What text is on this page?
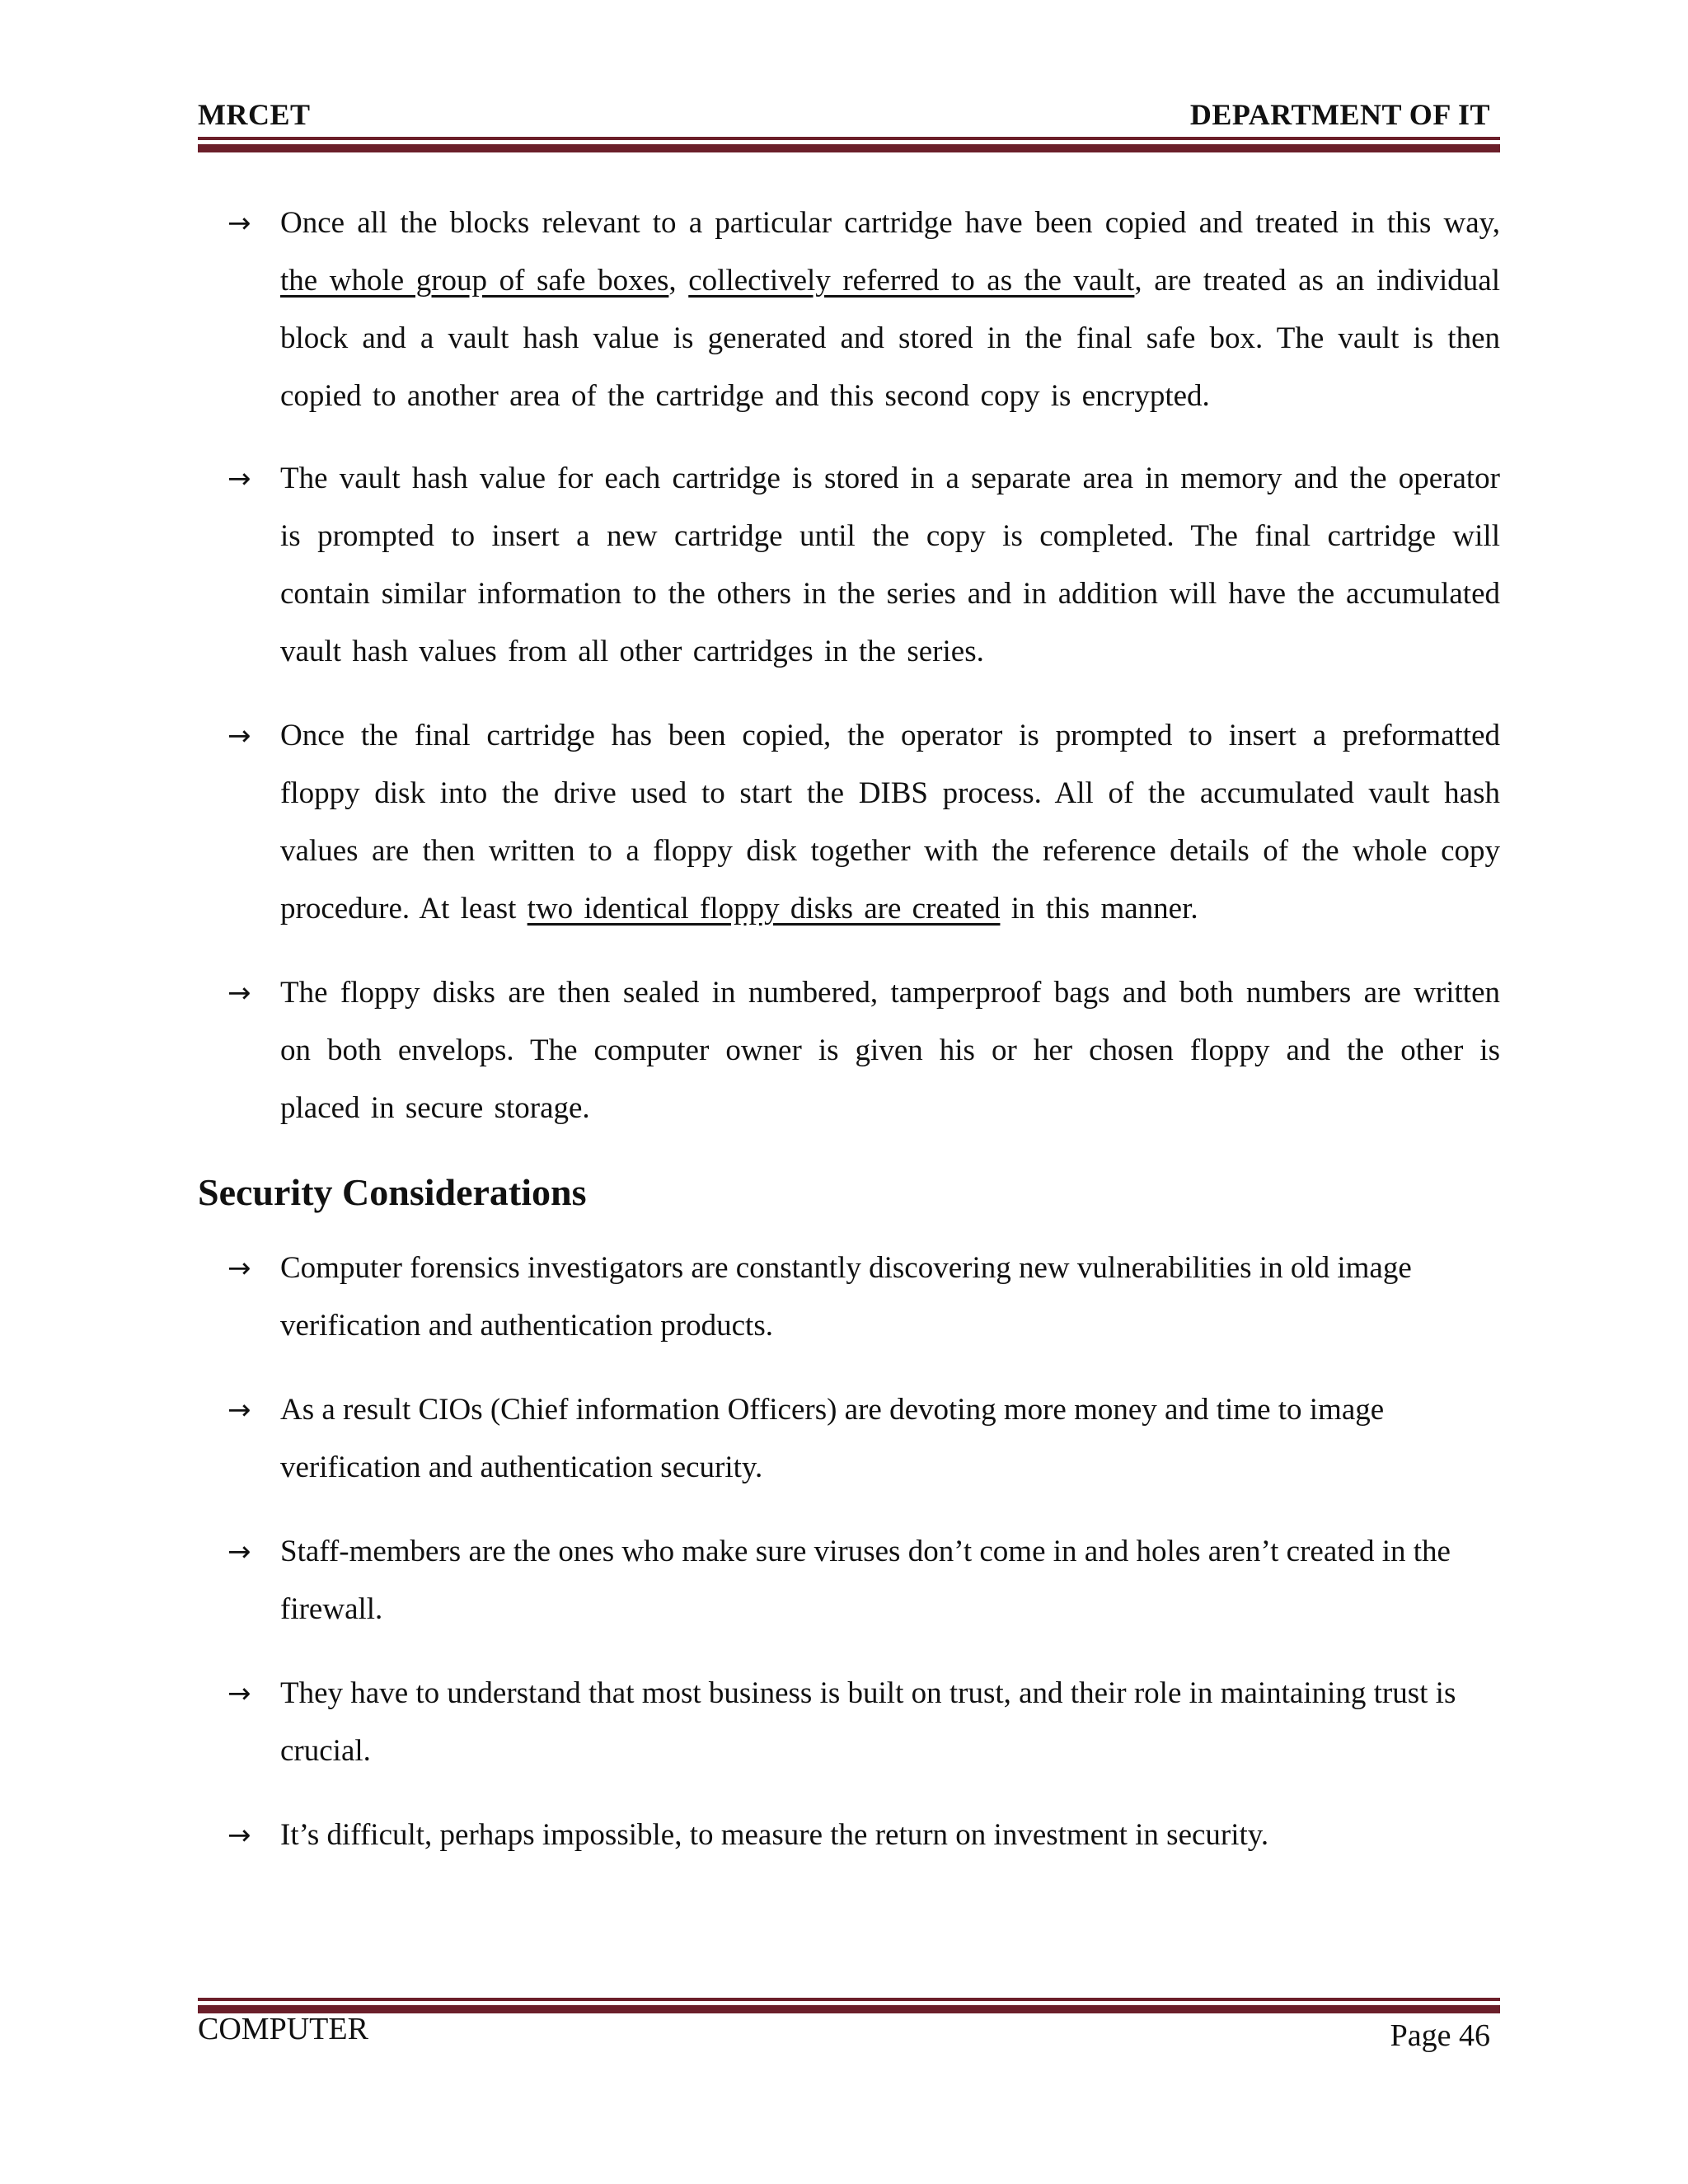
MRCET	DEPARTMENT OF IT
→ Once all the blocks relevant to a particular cartridge have been copied and treated in this way, the whole group of safe boxes, collectively referred to as the vault, are treated as an individual block and a vault hash value is generated and stored in the final safe box. The vault is then copied to another area of the cartridge and this second copy is encrypted.
→ The vault hash value for each cartridge is stored in a separate area in memory and the operator is prompted to insert a new cartridge until the copy is completed. The final cartridge will contain similar information to the others in the series and in addition will have the accumulated vault hash values from all other cartridges in the series.
→ Once the final cartridge has been copied, the operator is prompted to insert a preformatted floppy disk into the drive used to start the DIBS process. All of the accumulated vault hash values are then written to a floppy disk together with the reference details of the whole copy procedure. At least two identical floppy disks are created in this manner.
→ The floppy disks are then sealed in numbered, tamperproof bags and both numbers are written on both envelops. The computer owner is given his or her chosen floppy and the other is placed in secure storage.
Security Considerations
→ Computer forensics investigators are constantly discovering new vulnerabilities in old image verification and authentication products.
→ As a result CIOs (Chief information Officers) are devoting more money and time to image verification and authentication security.
→ Staff-members are the ones who make sure viruses don’t come in and holes aren’t created in the firewall.
→ They have to understand that most business is built on trust, and their role in maintaining trust is crucial.
→ It’s difficult, perhaps impossible, to measure the return on investment in security.
COMPUTER	Page 46
